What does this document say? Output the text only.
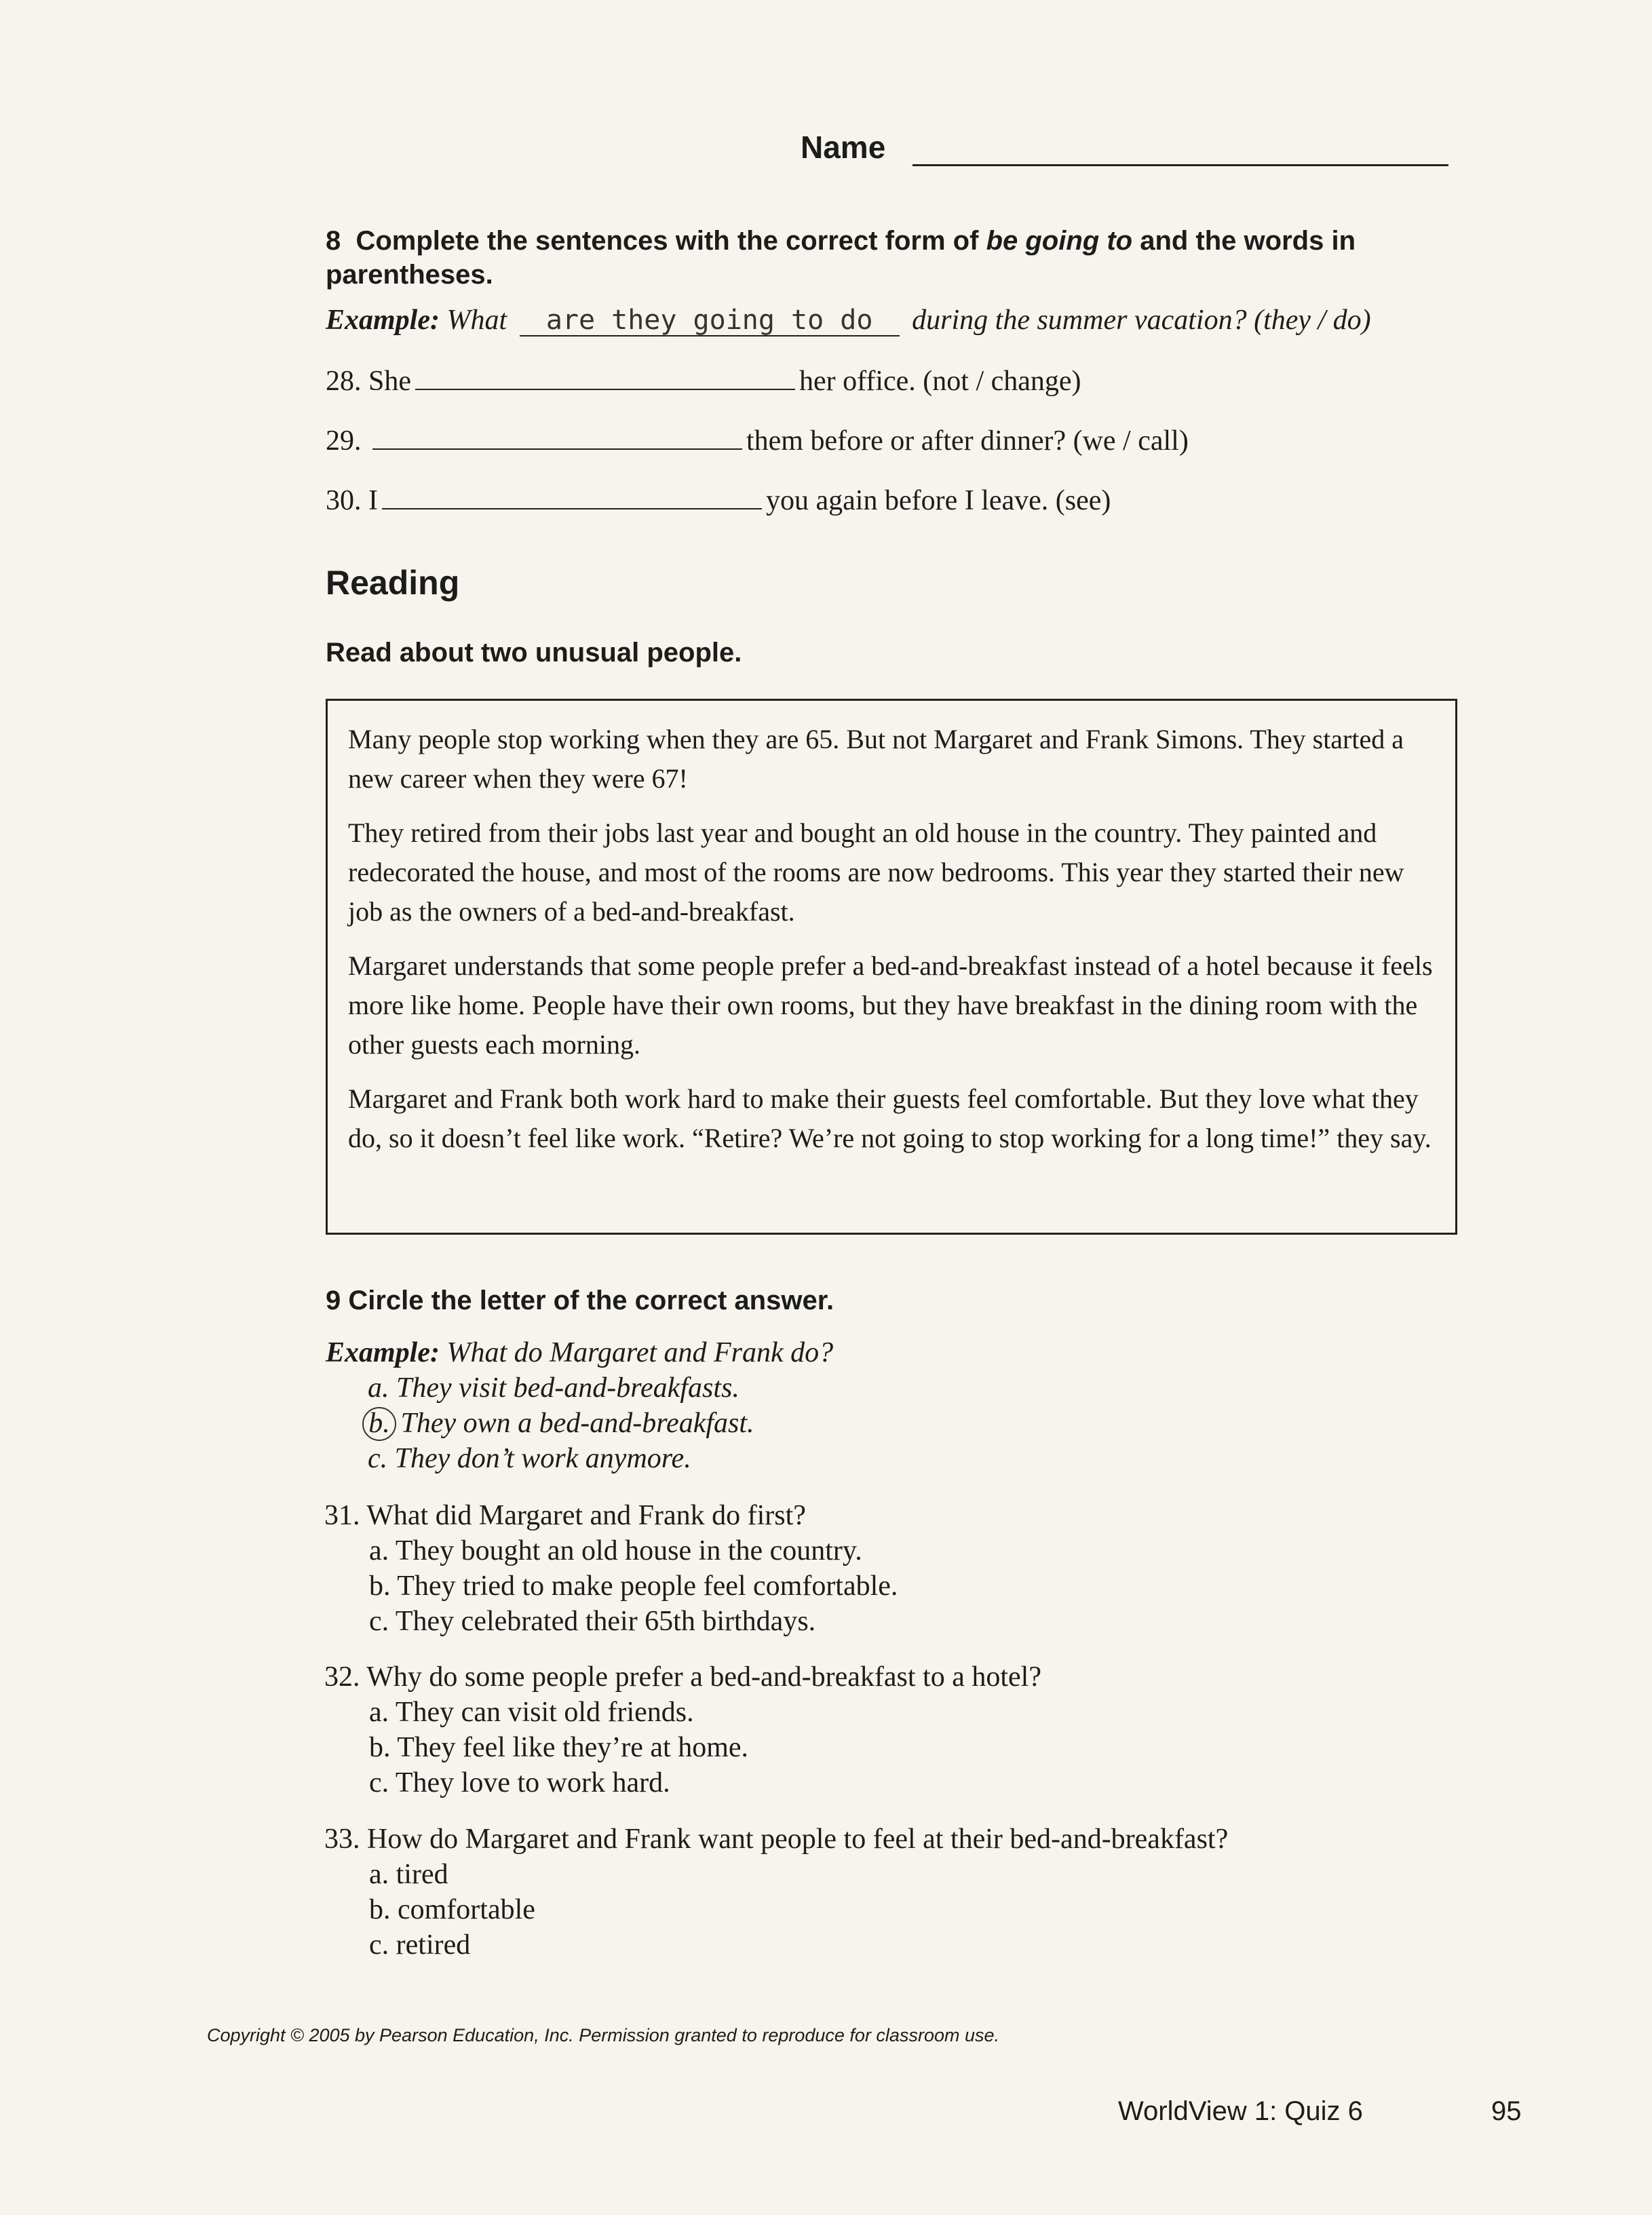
Name
8 Complete the sentences with the correct form of be going to and the words in parentheses.
Example: What are they going to do during the summer vacation? (they / do)
28. She	her office. (not / change)
29.	them before or after dinner? (we / call)
30. I	you again before I leave. (see)
Reading
Read about two unusual people.

Many people stop working when they are 65. But not Margaret and Frank Simons. They started a new career when they were 67!

They retired from their jobs last year and bought an old house in the country. They painted and redecorated the house, and most of the rooms are now bedrooms. This year they started their new job as the owners of a bed-and-breakfast.

Margaret understands that some people prefer a bed-and-breakfast instead of a hotel because it feels more like home. People have their own rooms, but they have breakfast in the dining room with the other guests each morning.

Margaret and Frank both work hard to make their guests feel comfortable. But they love what they do, so it doesn’t feel like work. “Retire? We’re not going to stop working for a long time!” they say.

9 Circle the letter of the correct answer.
Example: What do Margaret and Frank do?
a. They visit bed-and-breakfasts.
b. They own a bed-and-breakfast.
c. They don’t work anymore.
31. What did Margaret and Frank do first?
a. They bought an old house in the country.
b. They tried to make people feel comfortable.
c. They celebrated their 65th birthdays.
32. Why do some people prefer a bed-and-breakfast to a hotel?
a. They can visit old friends.
b. They feel like they’re at home.
c. They love to work hard.
33. How do Margaret and Frank want people to feel at their bed-and-breakfast?
a. tired
b. comfortable
c. retired
Copyright © 2005 by Pearson Education, Inc. Permission granted to reproduce for classroom use.
WorldView 1: Quiz 6	95
